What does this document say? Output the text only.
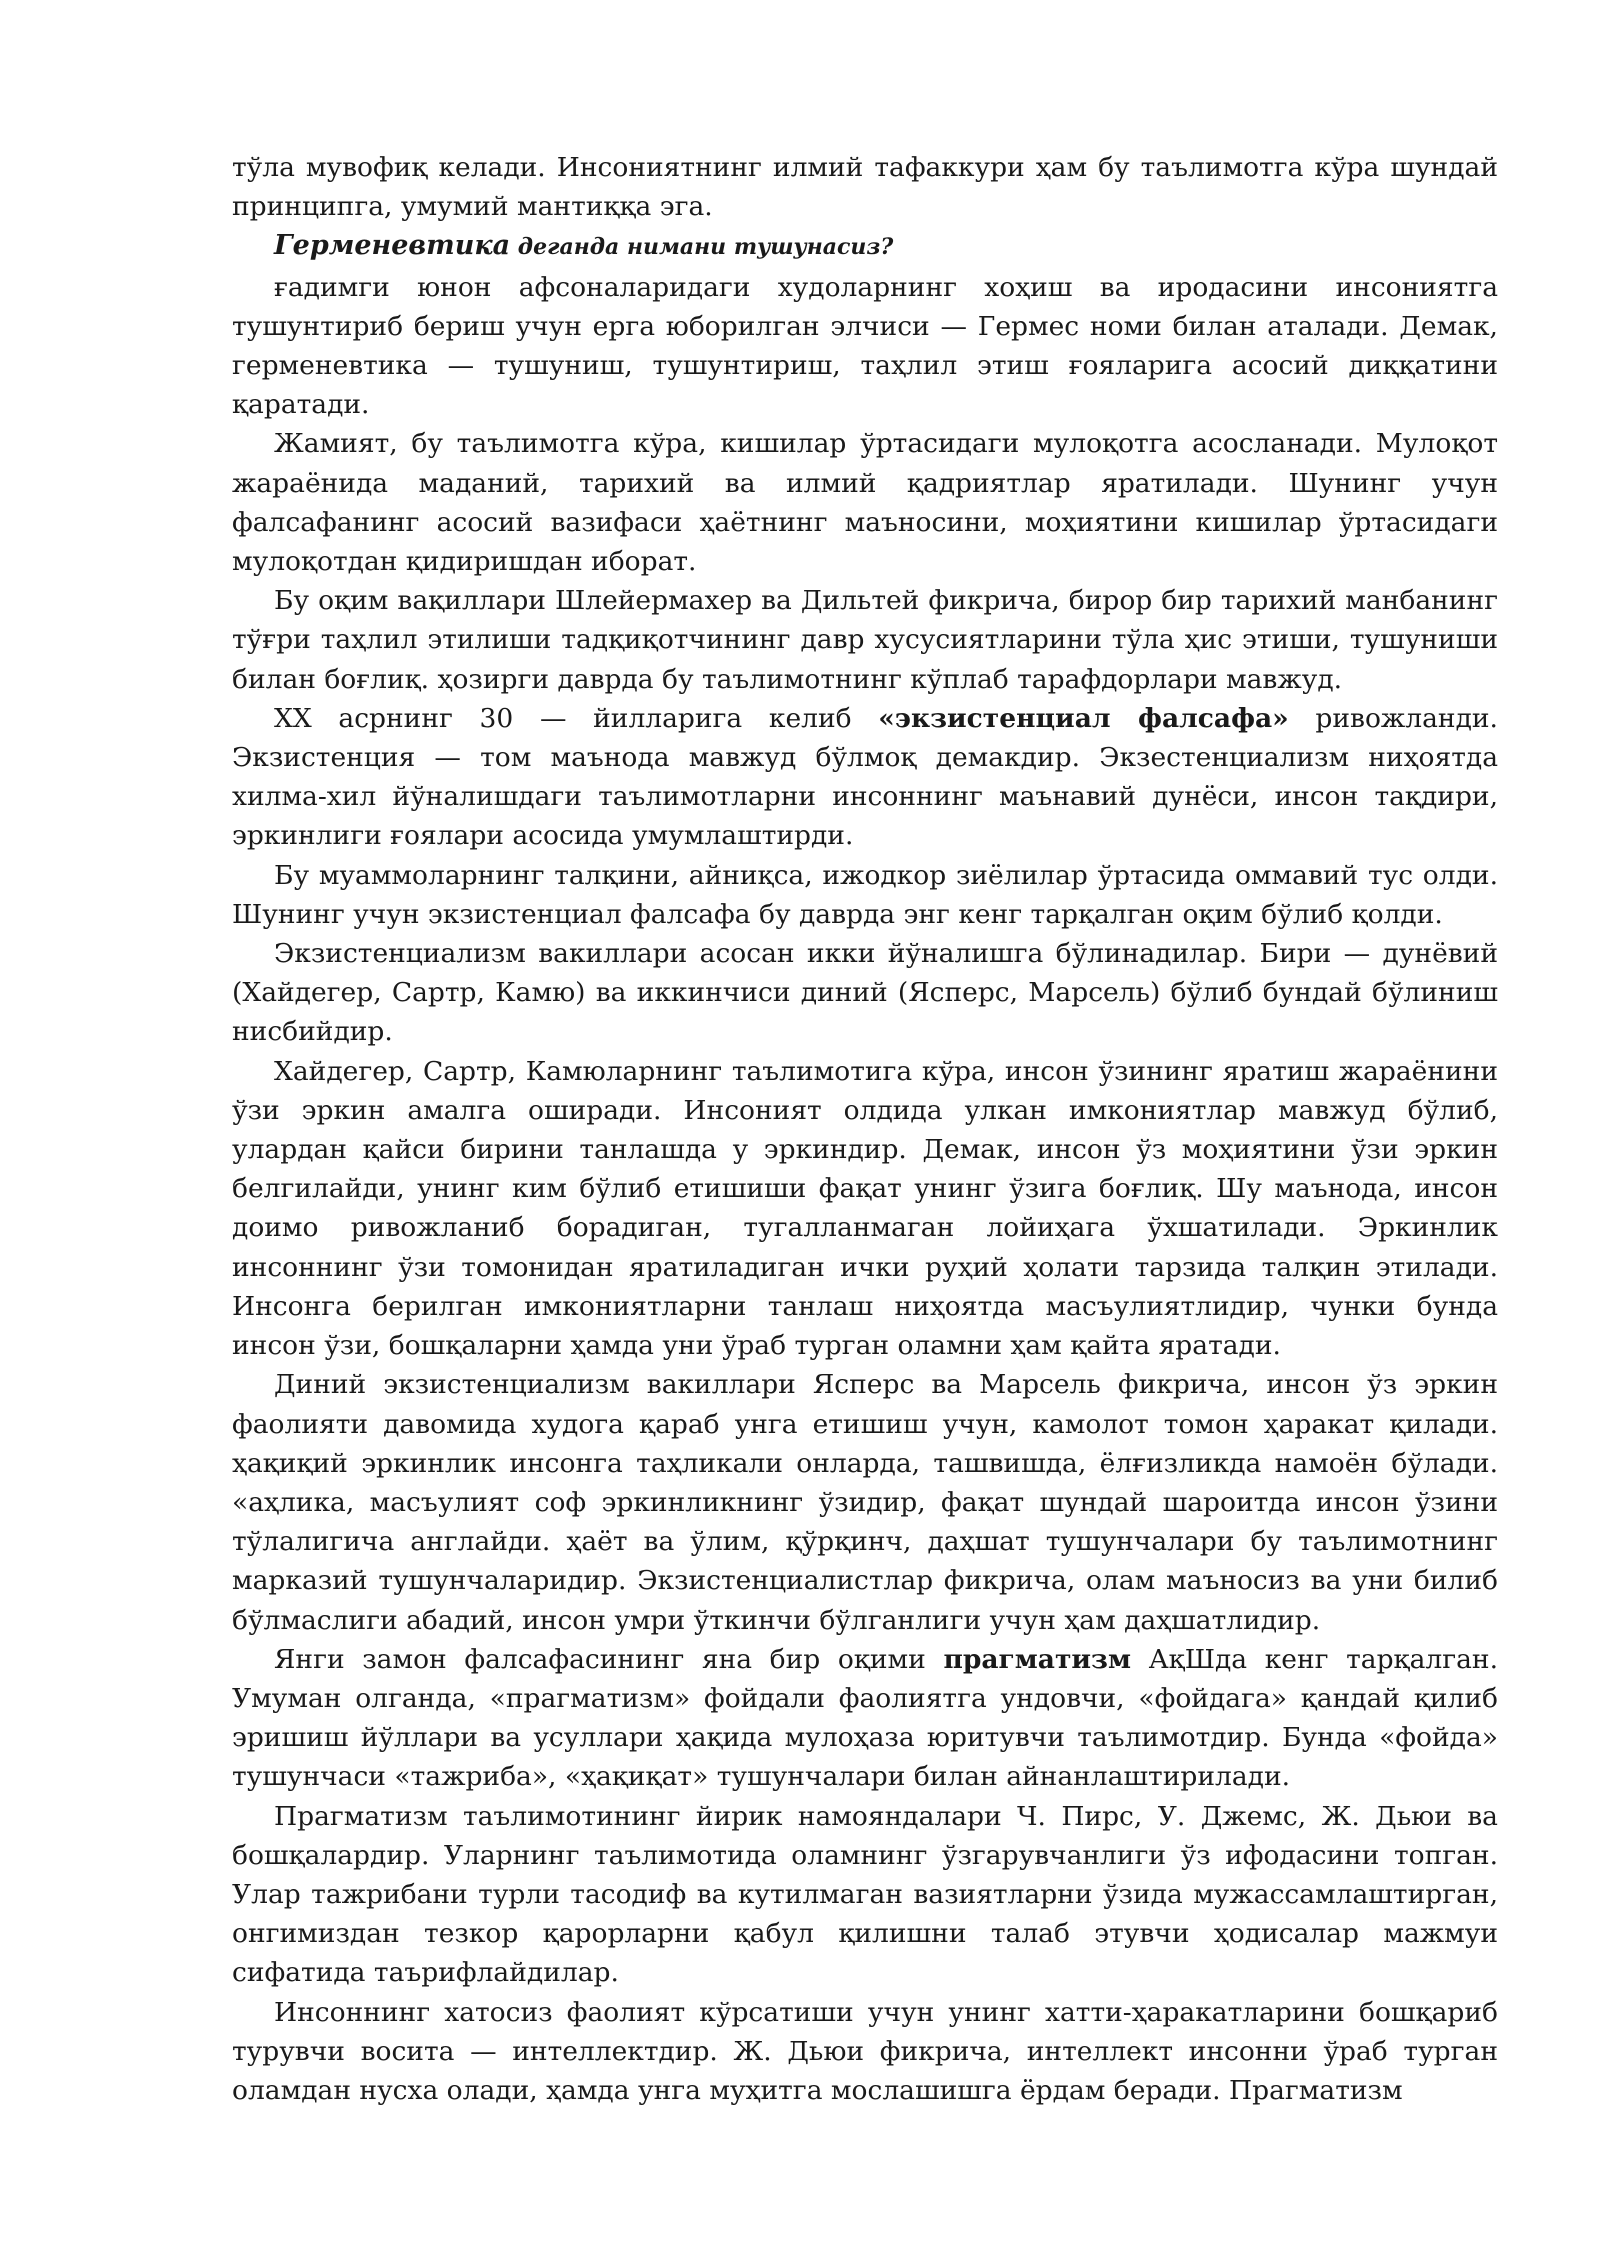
тўла мувофиқ келади. Инсониятнинг илмий тафаккури ҳам бу таълимотга кўра шундай принципга, умумий мантиққа эга.

Герменевтика деганда нимани тушунасиз?

ғадимги юнон афсоналаридаги худоларнинг хоҳиш ва иродасини инсониятга тушунтириб бериш учун ерга юборилган элчиси — Гермес номи билан аталади. Демак, герменевтика — тушуниш, тушунтириш, таҳлил этиш ғояларига асосий диққатини қаратади.

Жамият, бу таълимотга кўра, кишилар ўртасидаги мулоқотга асосланади. Мулоқот жараёнида маданий, тарихий ва илмий қадриятлар яратилади. Шунинг учун фалсафанинг асосий вазифаси ҳаётнинг маъносини, моҳиятини кишилар ўртасидаги мулоқотдан қидиришдан иборат.

Бу оқим вақиллари Шлейермахер ва Дильтей фикрича, бирор бир тарихий манбанинг тўғри таҳлил этилиши тадқиқотчининг давр хусусиятларини тўла ҳис этиши, тушуниши билан боғлиқ. ҳозирги даврда бу таълимотнинг кўплаб тарафдорлари мавжуд.

XX асрнинг 30 — йилларига келиб «экзистенциал фалсафа» ривожланди. Экзистенция — том маънода мавжуд бўлмоқ демакдир. Экзестенциализм ниҳоятда хилма-хил йўналишдаги таълимотларни инсоннинг маънавий дунёси, инсон тақдири, эркинлиги ғоялари асосида умумлаштирди.

Бу муаммоларнинг талқини, айниқса, ижодкор зиёлилар ўртасида оммавий тус олди. Шунинг учун экзистенциал фалсафа бу даврда энг кенг тарқалган оқим бўлиб қолди.

Экзистенциализм вакиллари асосан икки йўналишга бўлинадилар. Бири — дунёвий (Хайдегер, Сартр, Камю) ва иккинчиси диний (Ясперс, Марсель) бўлиб бундай бўлиниш нисбийдир.

Хайдегер, Сартр, Камюларнинг таълимотига кўра, инсон ўзининг яратиш жараёнини ўзи эркин амалга оширади. Инсоният олдида улкан имкониятлар мавжуд бўлиб, улардан қайси бирини танлашда у эркиндир. Демак, инсон ўз моҳиятини ўзи эркин белгилайди, унинг ким бўлиб етишиши фақат унинг ўзига боғлиқ. Шу маънода, инсон доимо ривожланиб борадиган, тугалланмаган лойиҳага ўхшатилади. Эркинлик инсоннинг ўзи томонидан яратиладиган ички руҳий ҳолати тарзида талқин этилади. Инсонга берилган имкониятларни танлаш ниҳоятда масъулиятлидир, чунки бунда инсон ўзи, бошқаларни ҳамда уни ўраб турган оламни ҳам қайта яратади.

Диний экзистенциализм вакиллари Ясперс ва Марсель фикрича, инсон ўз эркин фаолияти давомида худога қараб унга етишиш учун, камолот томон ҳаракат қилади. ҳақиқий эркинлик инсонга таҳликали онларда, ташвишда, ёлғизликда намоён бўлади. «аҳлика, масъулият соф эркинликнинг ўзидир, фақат шундай шароитда инсон ўзини тўлалигича англайди. ҳаёт ва ўлим, қўрқинч, даҳшат тушунчалари бу таълимотнинг марказий тушунчаларидир. Экзистенциалистлар фикрича, олам маъносиз ва уни билиб бўлмаслиги абадий, инсон умри ўткинчи бўлганлиги учун ҳам даҳшатлидир.

Янги замон фалсафасининг яна бир оқими прагматизм АқШда кенг тарқалган. Умуман олганда, «прагматизм» фойдали фаолиятга ундовчи, «фойдага» қандай қилиб эришиш йўллари ва усуллари ҳақида мулоҳаза юритувчи таълимотдир. Бунда «фойда» тушунчаси «тажриба», «ҳақиқат» тушунчалари билан айнанлаштирилади.

Прагматизм таълимотининг йирик намояндалари Ч. Пирс, У. Джемс, Ж. Дьюи ва бошқалардир. Уларнинг таълимотида оламнинг ўзгарувчанлиги ўз ифодасини топган. Улар тажрибани турли тасодиф ва кутилмаган вазиятларни ўзида мужассамлаштирган, онгимиздан тезкор қарорларни қабул қилишни талаб этувчи ҳодисалар мажмуи сифатида таърифлайдилар.

Инсоннинг хатосиз фаолият кўрсатиши учун унинг хатти-ҳаракатларини бошқариб турувчи восита — интеллектдир. Ж. Дьюи фикрича, интеллект инсонни ўраб турган оламдан нусха олади, ҳамда унга муҳитга мослашишга ёрдам беради. Прагматизм
